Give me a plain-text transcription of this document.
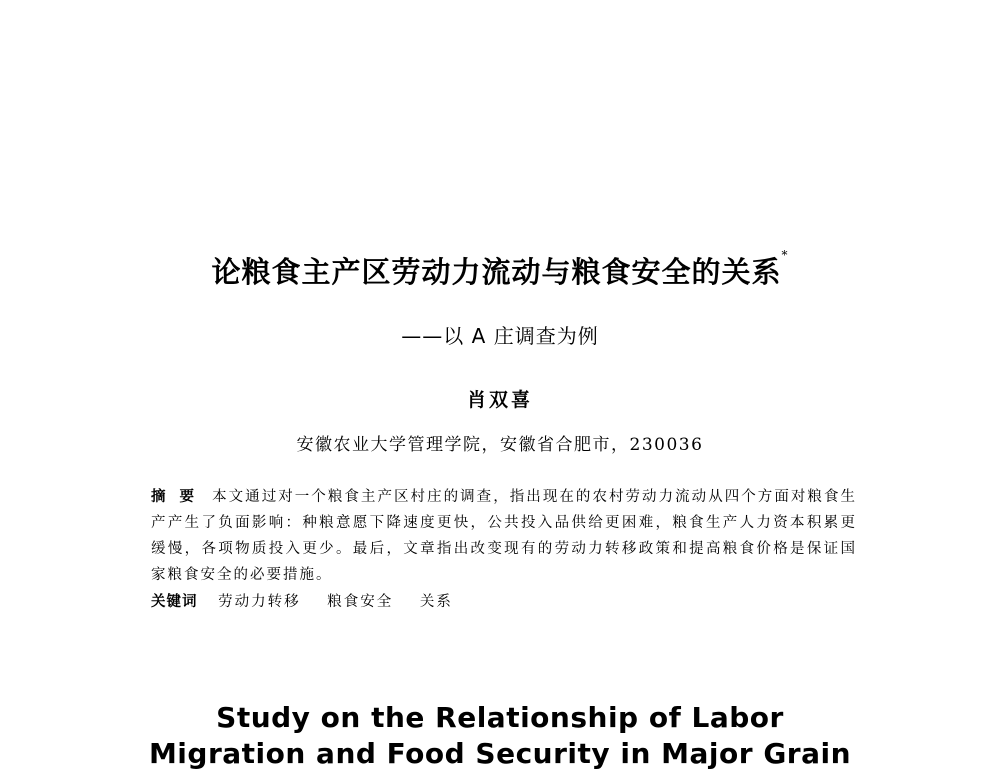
论粮食主产区劳动力流动与粮食安全的关系*
——以 A 庄调查为例
肖双喜
安徽农业大学管理学院，安徽省合肥市，230036
摘要 本文通过对一个粮食主产区村庄的调查，指出现在的农村劳动力流动从四个方面对粮食生产产生了负面影响：种粮意愿下降速度更快，公共投入品供给更困难，粮食生产人力资本积累更缓慢，各项物质投入更少。最后，文章指出改变现有的劳动力转移政策和提高粮食价格是保证国家粮食安全的必要措施。
关键词 劳动力转移 粮食安全 关系
Study on the Relationship of Labor
Migration and Food Security in Major Grain
